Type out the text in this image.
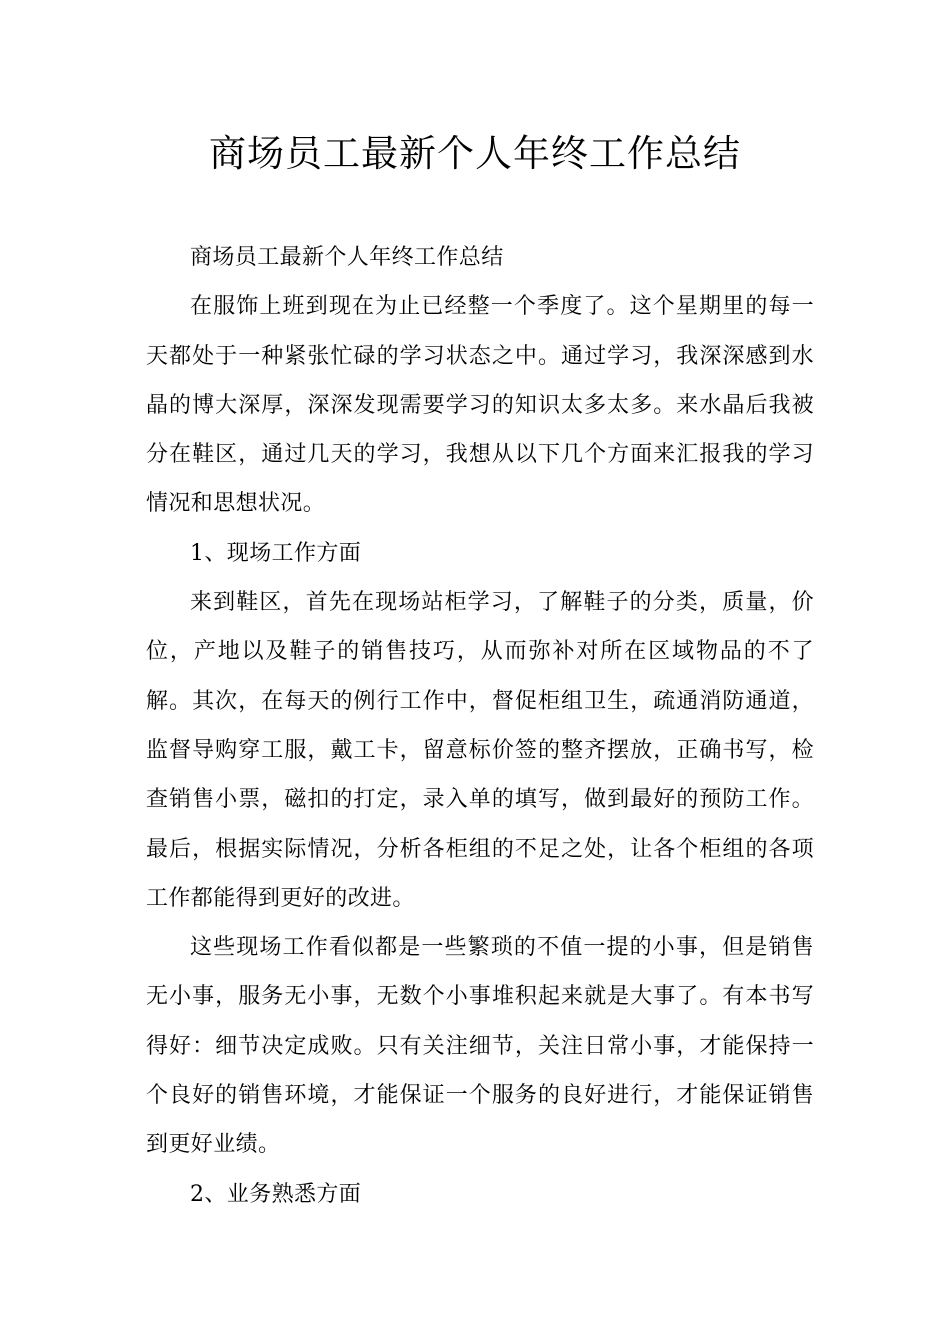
商场员工最新个人年终工作总结

商场员工最新个人年终工作总结

在服饰上班到现在为止已经整一个季度了。这个星期里的每一天都处于一种紧张忙碌的学习状态之中。通过学习，我深深感到水晶的博大深厚，深深发现需要学习的知识太多太多。来水晶后我被分在鞋区，通过几天的学习，我想从以下几个方面来汇报我的学习情况和思想状况。

1、现场工作方面

来到鞋区，首先在现场站柜学习，了解鞋子的分类，质量，价位，产地以及鞋子的销售技巧，从而弥补对所在区域物品的不了解。其次，在每天的例行工作中，督促柜组卫生，疏通消防通道，监督导购穿工服，戴工卡，留意标价签的整齐摆放，正确书写，检查销售小票，磁扣的打定，录入单的填写，做到最好的预防工作。最后，根据实际情况，分析各柜组的不足之处，让各个柜组的各项工作都能得到更好的改进。

这些现场工作看似都是一些繁琐的不值一提的小事，但是销售无小事，服务无小事，无数个小事堆积起来就是大事了。有本书写得好：细节决定成败。只有关注细节，关注日常小事，才能保持一个良好的销售环境，才能保证一个服务的良好进行，才能保证销售到更好业绩。

2、业务熟悉方面
